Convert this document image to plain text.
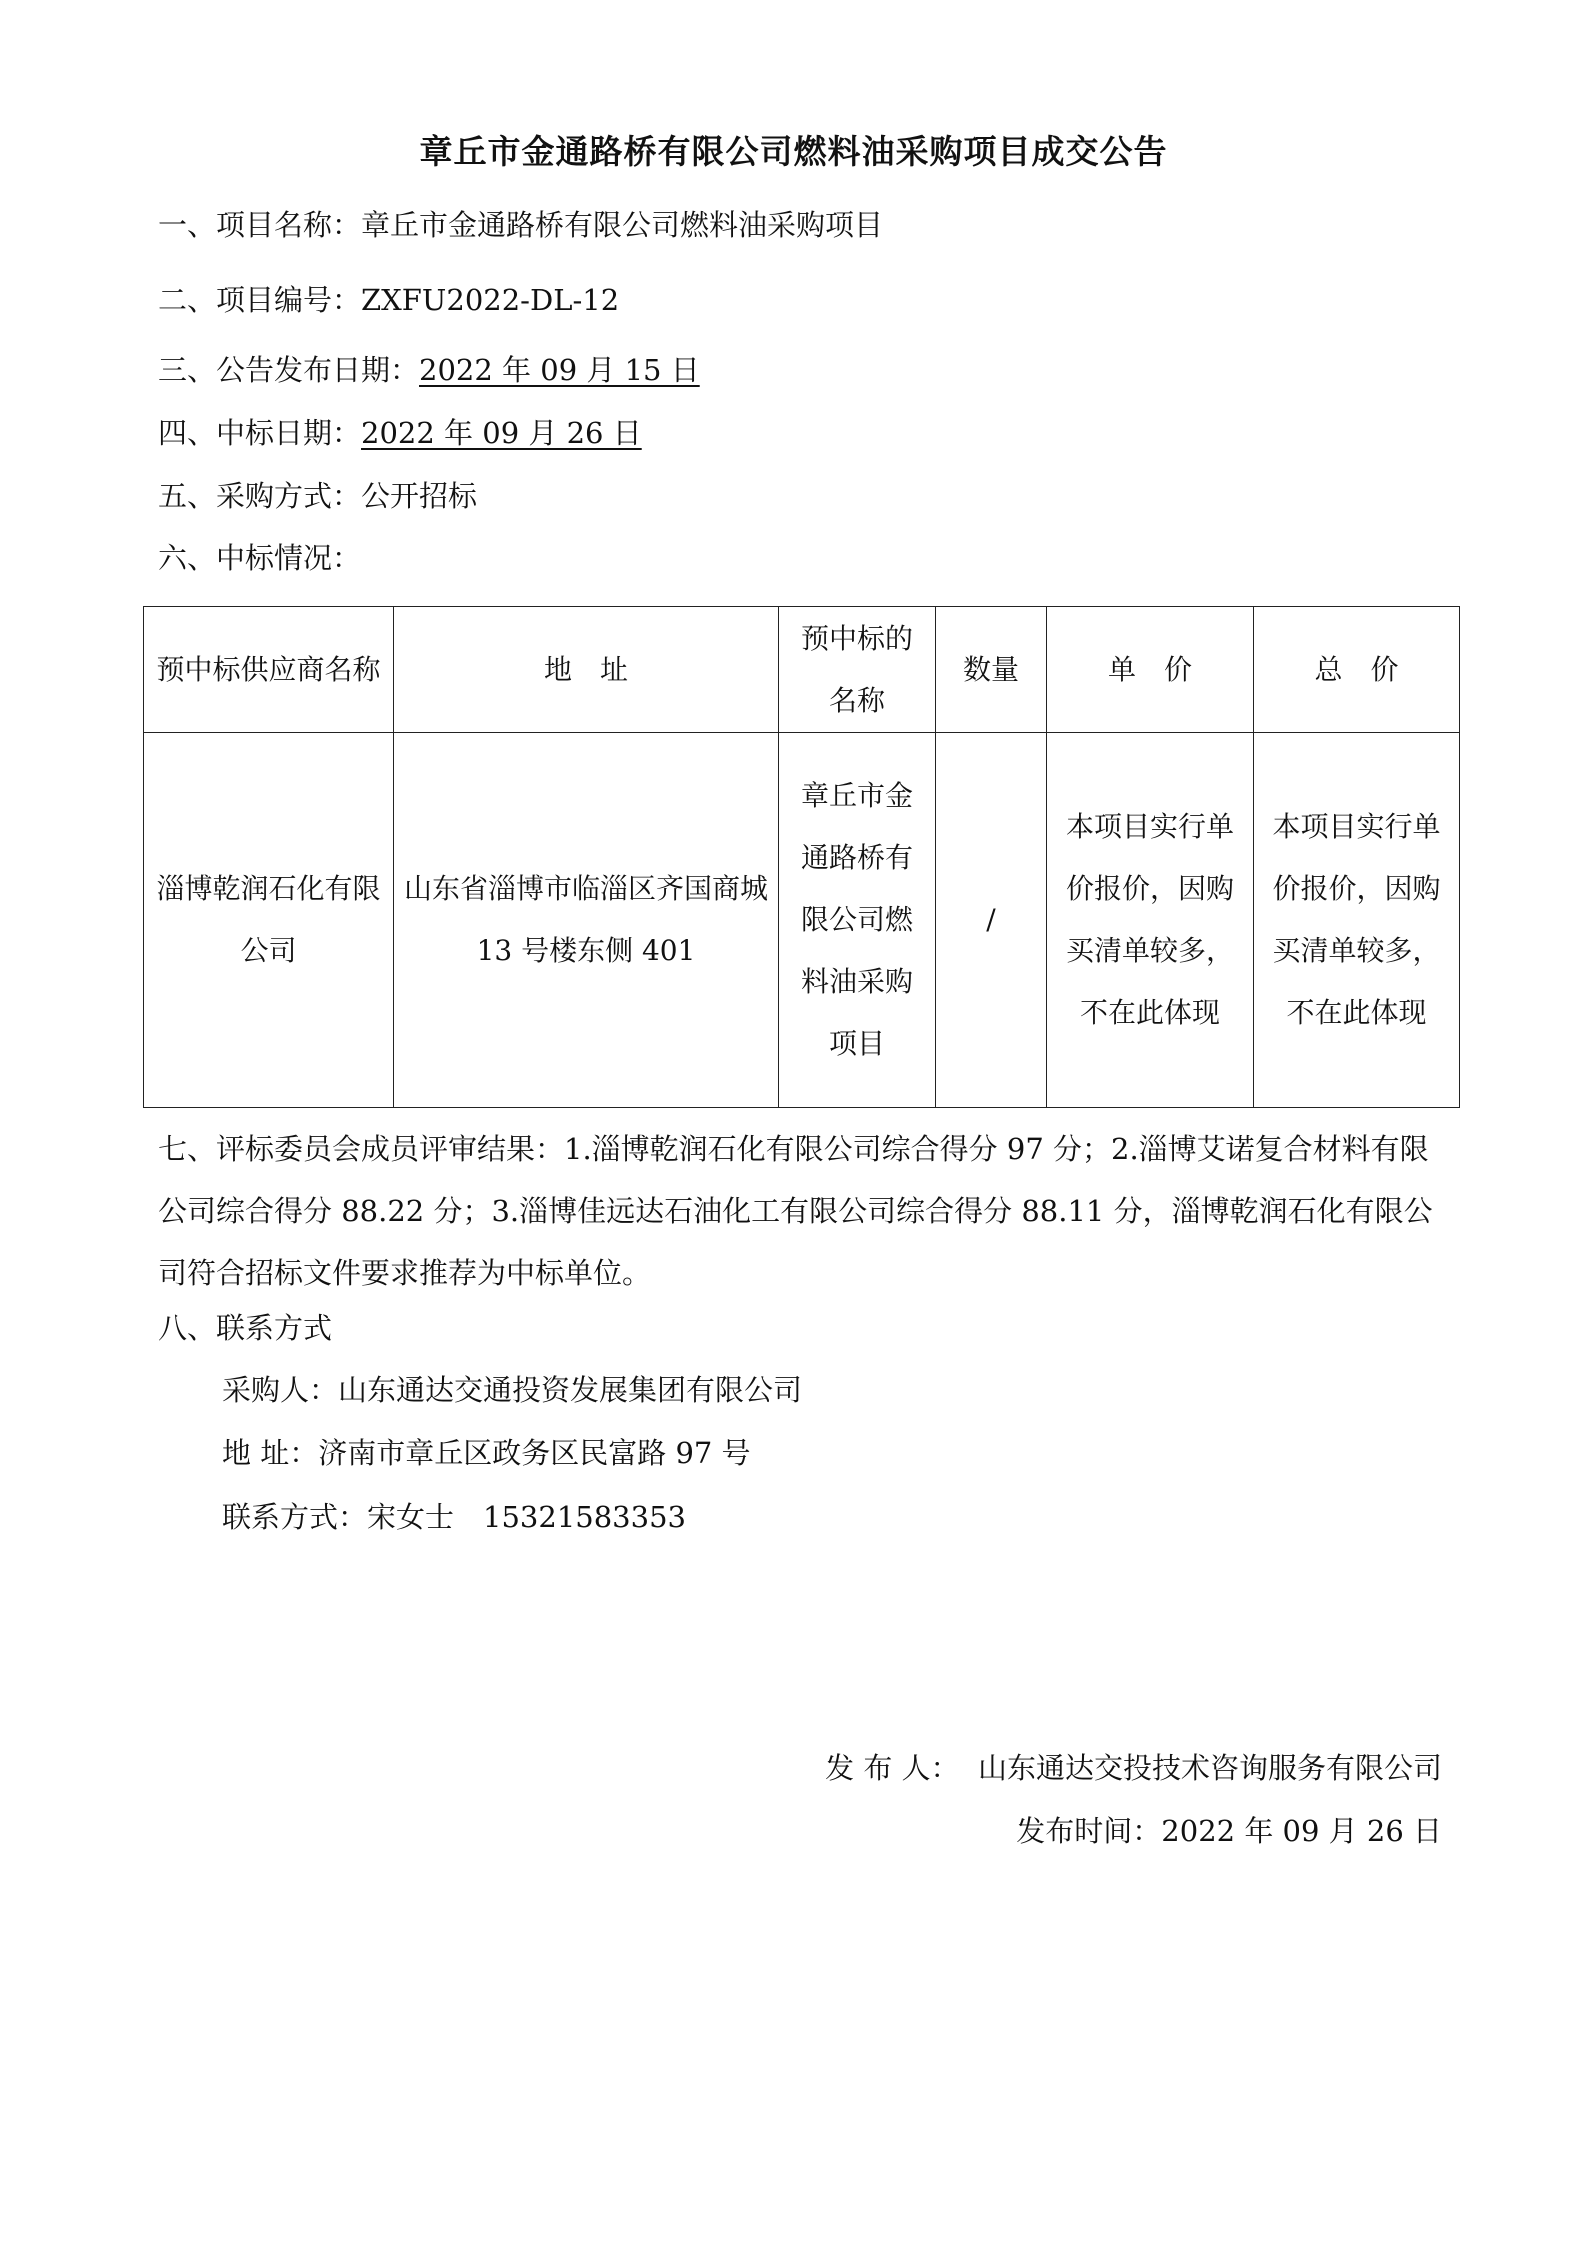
章丘市金通路桥有限公司燃料油采购项目成交公告
一、项目名称：章丘市金通路桥有限公司燃料油采购项目
二、项目编号：ZXFU2022-DL-12
三、公告发布日期：2022 年 09 月 15 日
四、中标日期：2022 年 09 月 26 日
五、采购方式：公开招标
六、中标情况：
预中标供应商名称	地　址	预中标的名称	数量	单　价	总　价
淄博乾润石化有限公司	山东省淄博市临淄区齐国商城 13 号楼东侧 401	章丘市金通路桥有限公司燃料油采购项目	/	本项目实行单价报价，因购买清单较多，不在此体现	本项目实行单价报价，因购买清单较多，不在此体现
七、评标委员会成员评审结果：1.淄博乾润石化有限公司综合得分 97 分；2.淄博艾诺复合材料有限公司综合得分 88.22 分；3.淄博佳远达石油化工有限公司综合得分 88.11 分，淄博乾润石化有限公司符合招标文件要求推荐为中标单位。
八、联系方式
采购人：山东通达交通投资发展集团有限公司
地 址：济南市章丘区政务区民富路 97 号
联系方式：宋女士　15321583353
发 布 人： 山东通达交投技术咨询服务有限公司
发布时间：2022 年 09 月 26 日
